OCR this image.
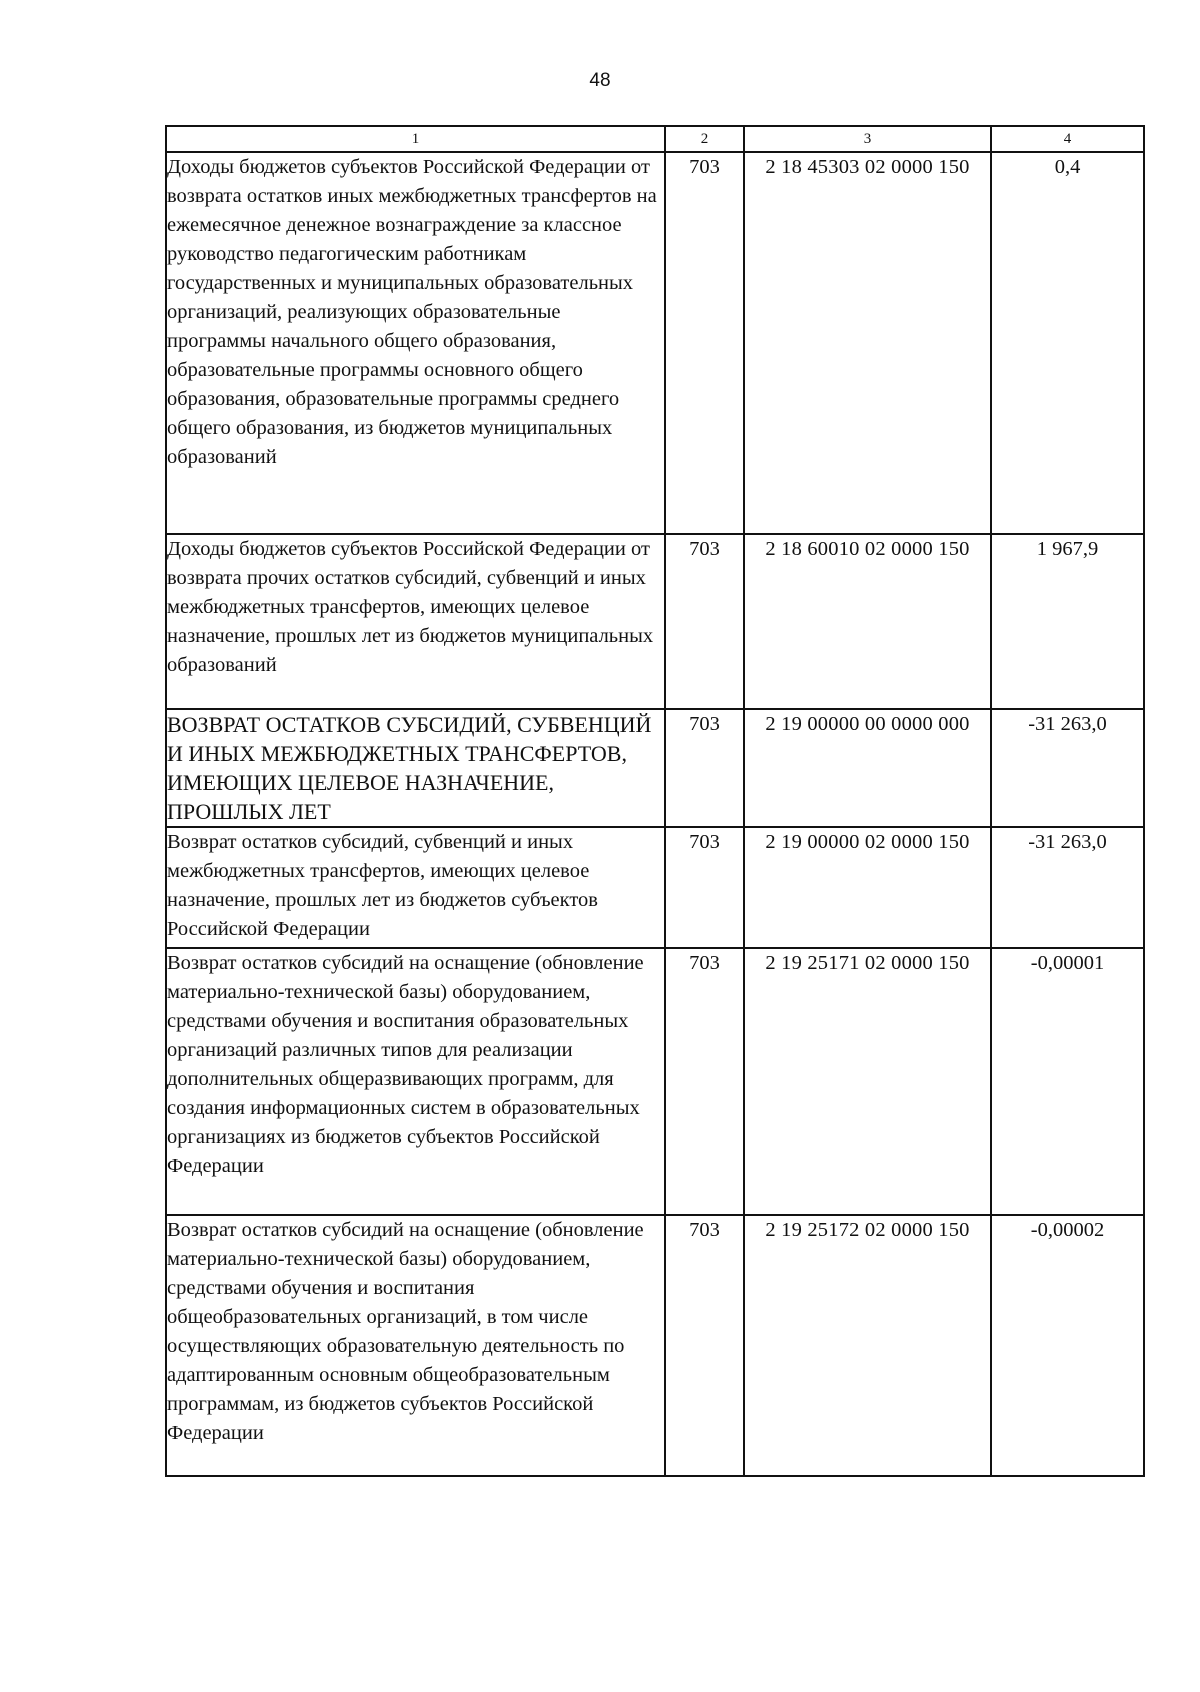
48
1	2	3	4
Доходы бюджетов субъектов Российской Федерации от возврата остатков иных межбюджетных трансфертов на ежемесячное денежное вознаграждение за классное руководство педагогическим работникам государственных и муниципальных образовательных организаций, реализующих образовательные программы начального общего образования, образовательные программы основного общего образования, образовательные программы среднего общего образования, из бюджетов муниципальных образований	703	2 18 45303 02 0000 150	0,4
Доходы бюджетов субъектов Российской Федерации от возврата прочих остатков субсидий, субвенций и иных межбюджетных трансфертов, имеющих целевое назначение, прошлых лет из бюджетов муниципальных образований	703	2 18 60010 02 0000 150	1 967,9
ВОЗВРАТ ОСТАТКОВ СУБСИДИЙ, СУБВЕНЦИЙ И ИНЫХ МЕЖБЮДЖЕТНЫХ ТРАНСФЕРТОВ, ИМЕЮЩИХ ЦЕЛЕВОЕ НАЗНАЧЕНИЕ, ПРОШЛЫХ ЛЕТ	703	2 19 00000 00 0000 000	-31 263,0
Возврат остатков субсидий, субвенций и иных межбюджетных трансфертов, имеющих целевое назначение, прошлых лет из бюджетов субъектов Российской Федерации	703	2 19 00000 02 0000 150	-31 263,0
Возврат остатков субсидий на оснащение (обновление материально-технической базы) оборудованием, средствами обучения и воспитания образовательных организаций различных типов для реализации дополнительных общеразвивающих программ, для создания информационных систем в образовательных организациях из бюджетов субъектов Российской Федерации	703	2 19 25171 02 0000 150	-0,00001
Возврат остатков субсидий на оснащение (обновление материально-технической базы) оборудованием, средствами обучения и воспитания общеобразовательных организаций, в том числе осуществляющих образовательную деятельность по адаптированным основным общеобразовательным программам, из бюджетов субъектов Российской Федерации	703	2 19 25172 02 0000 150	-0,00002
